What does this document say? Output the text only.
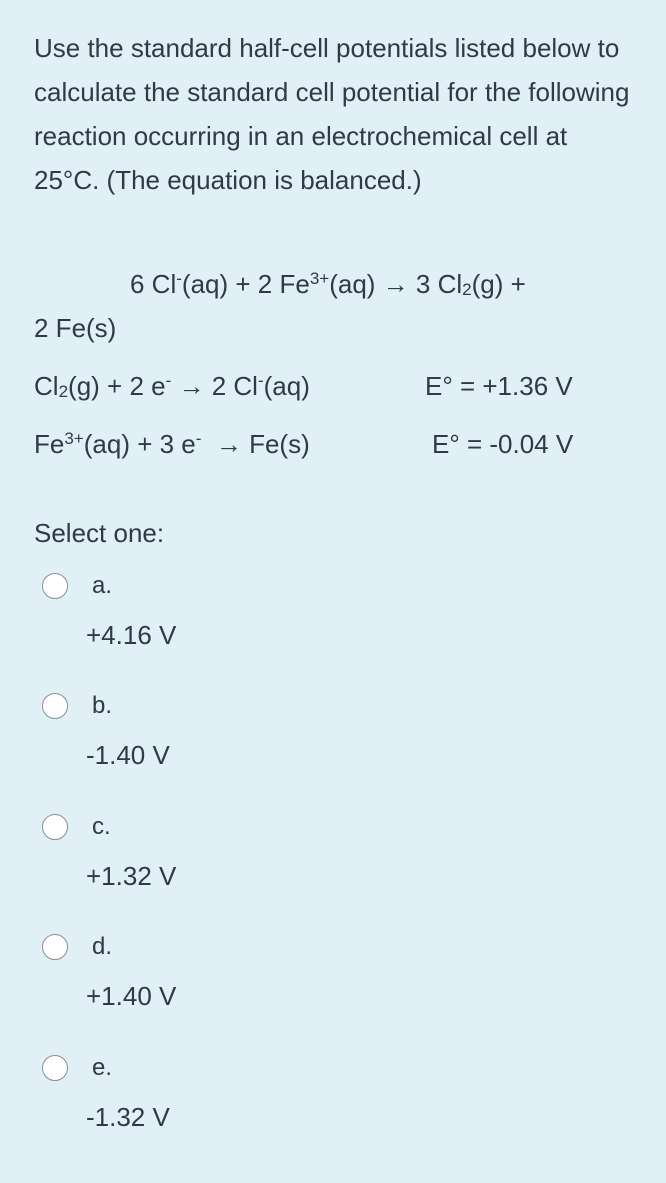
Use the standard half-cell potentials listed below to calculate the standard cell potential for the following reaction occurring in an electrochemical cell at 25°C. (The equation is balanced.)
6 Cl-(aq) + 2 $Fe^{3+}(aq) \to 3$ $Cl_2(g)$ +
2 Fe(s)
$Cl_2(g) + 2$ e- → 2 Cl-(aq)	E° = +1.36 V
$Fe^{3+}(aq) + 3$ e-  → Fe(s)	E° = -0.04 V
Select one:
a.
+4.16 V
b.
-1.40 V
c.
+1.32 V
d.
+1.40 V
e.
-1.32 V
